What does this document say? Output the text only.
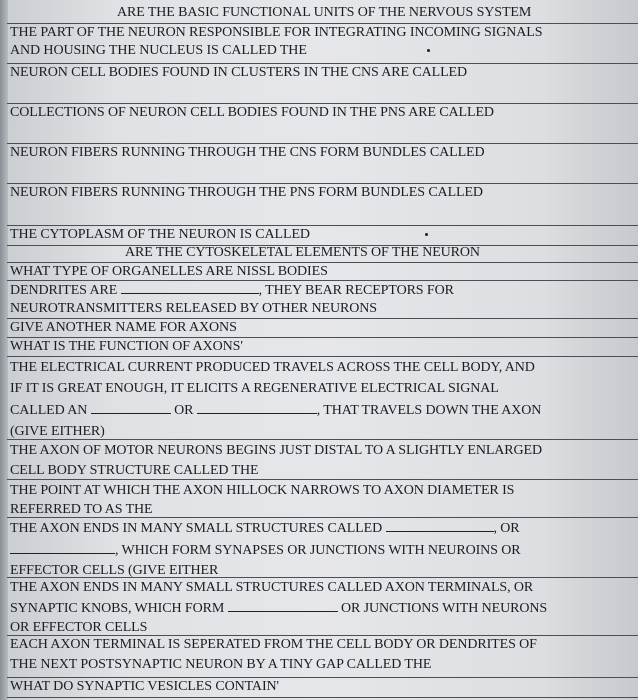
ARE THE BASIC FUNCTIONAL UNITS OF THE NERVOUS SYSTEM
THE PART OF THE NEURON RESPONSIBLE FOR INTEGRATING INCOMING SIGNALS
AND HOUSING THE NUCLEUS IS CALLED THE
NEURON CELL BODIES FOUND IN CLUSTERS IN THE CNS ARE CALLED
COLLECTIONS OF NEURON CELL BODIES FOUND IN THE PNS ARE CALLED
NEURON FIBERS RUNNING THROUGH THE CNS FORM BUNDLES CALLED
NEURON FIBERS RUNNING THROUGH THE PNS FORM BUNDLES CALLED
THE CYTOPLASM OF THE NEURON IS CALLED
ARE THE CYTOSKELETAL ELEMENTS OF THE NEURON
WHAT TYPE OF ORGANELLES ARE NISSL BODIES
DENDRITES ARE	, THEY BEAR RECEPTORS FOR
NEUROTRANSMITTERS RELEASED BY OTHER NEURONS
GIVE ANOTHER NAME FOR AXONS
WHAT IS THE FUNCTION OF AXONS'
THE ELECTRICAL CURRENT PRODUCED TRAVELS ACROSS THE CELL BODY, AND
IF IT IS GREAT ENOUGH, IT ELICITS A REGENERATIVE ELECTRICAL SIGNAL
CALLED AN	OR	, THAT TRAVELS DOWN THE AXON
(GIVE EITHER)
THE AXON OF MOTOR NEURONS BEGINS JUST DISTAL TO A SLIGHTLY ENLARGED
CELL BODY STRUCTURE CALLED THE
THE POINT AT WHICH THE AXON HILLOCK NARROWS TO AXON DIAMETER IS
REFERRED TO AS THE
THE AXON ENDS IN MANY SMALL STRUCTURES CALLED	, OR
, WHICH FORM SYNAPSES OR JUNCTIONS WITH NEUROINS OR
EFFECTOR CELLS (GIVE EITHER
THE AXON ENDS IN MANY SMALL STRUCTURES CALLED AXON TERMINALS, OR
SYNAPTIC KNOBS, WHICH FORM	OR JUNCTIONS WITH NEURONS
OR EFFECTOR CELLS
EACH AXON TERMINAL IS SEPERATED FROM THE CELL BODY OR DENDRITES OF
THE NEXT POSTSYNAPTIC NEURON BY A TINY GAP CALLED THE
WHAT DO SYNAPTIC VESICLES CONTAIN'
